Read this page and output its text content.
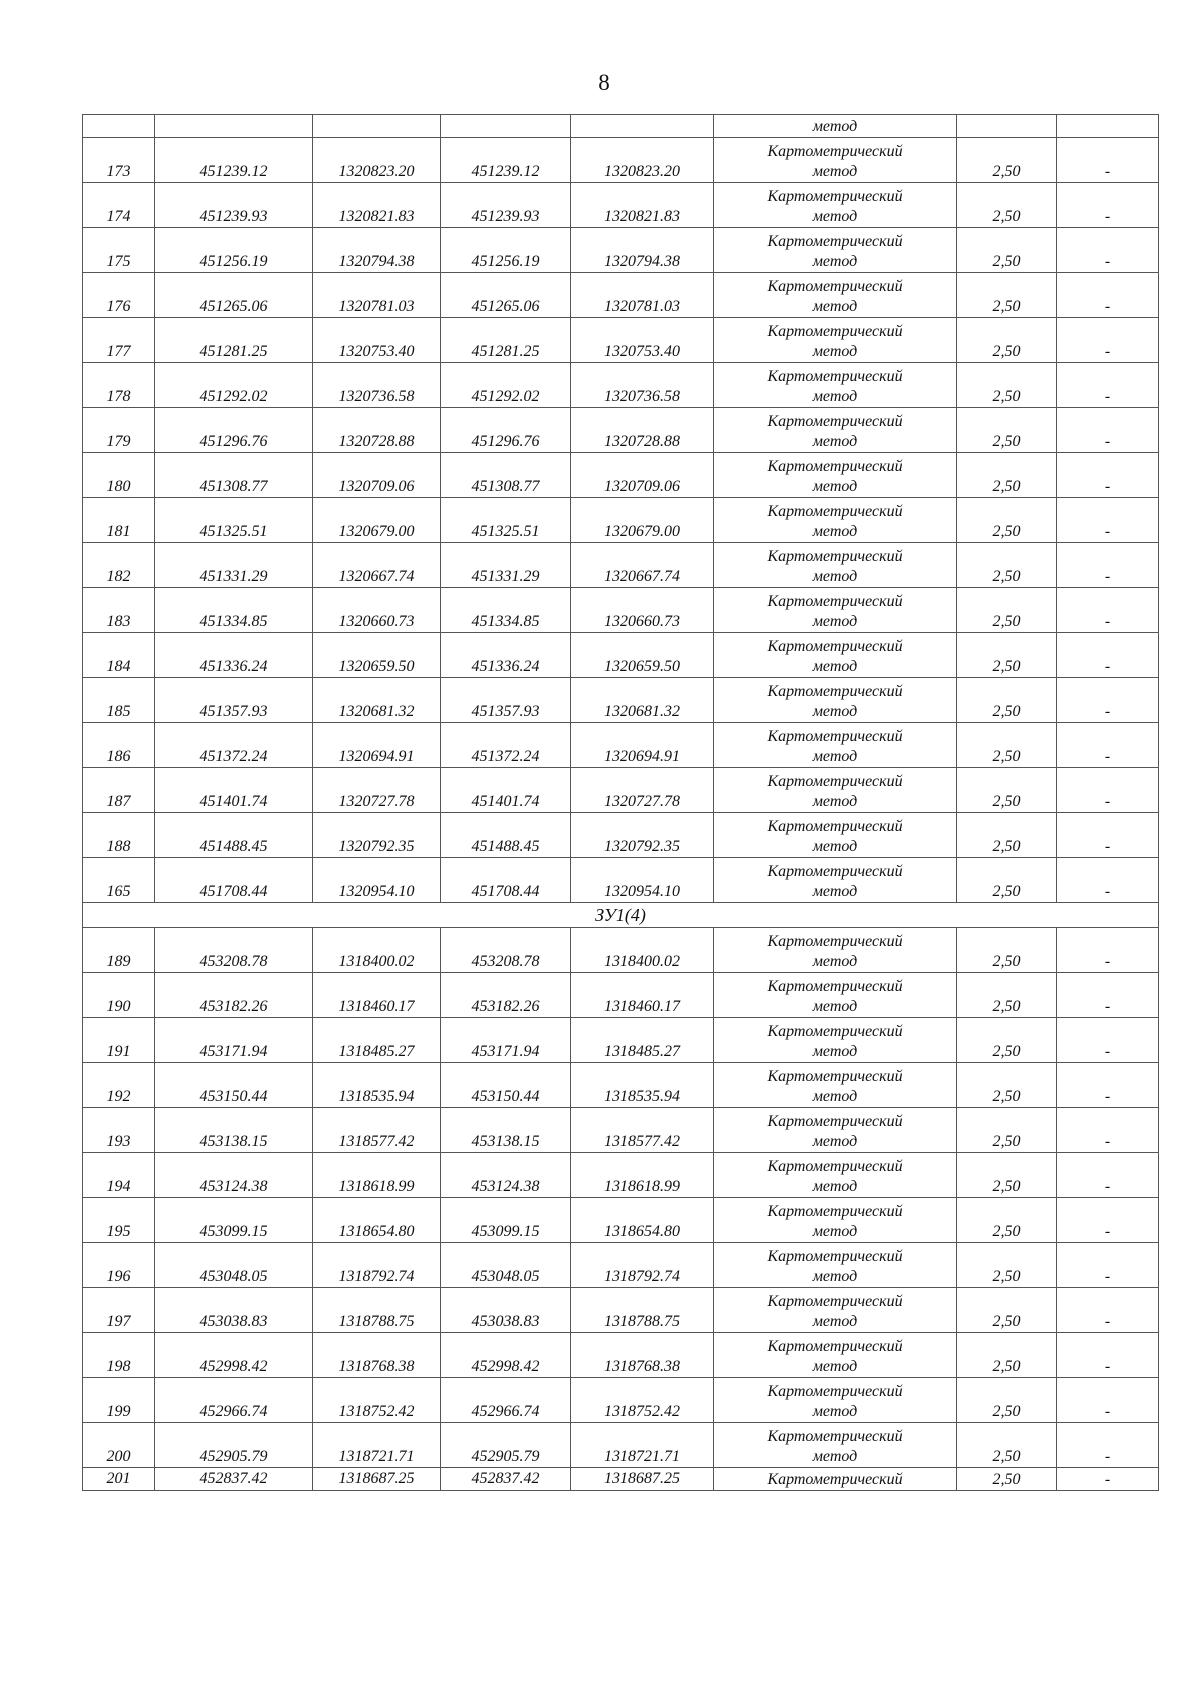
8
					метод		
173	451239.12	1320823.20	451239.12	1320823.20	Картометрический
метод	2,50	-
174	451239.93	1320821.83	451239.93	1320821.83	Картометрический
метод	2,50	-
175	451256.19	1320794.38	451256.19	1320794.38	Картометрический
метод	2,50	-
176	451265.06	1320781.03	451265.06	1320781.03	Картометрический
метод	2,50	-
177	451281.25	1320753.40	451281.25	1320753.40	Картометрический
метод	2,50	-
178	451292.02	1320736.58	451292.02	1320736.58	Картометрический
метод	2,50	-
179	451296.76	1320728.88	451296.76	1320728.88	Картометрический
метод	2,50	-
180	451308.77	1320709.06	451308.77	1320709.06	Картометрический
метод	2,50	-
181	451325.51	1320679.00	451325.51	1320679.00	Картометрический
метод	2,50	-
182	451331.29	1320667.74	451331.29	1320667.74	Картометрический
метод	2,50	-
183	451334.85	1320660.73	451334.85	1320660.73	Картометрический
метод	2,50	-
184	451336.24	1320659.50	451336.24	1320659.50	Картометрический
метод	2,50	-
185	451357.93	1320681.32	451357.93	1320681.32	Картометрический
метод	2,50	-
186	451372.24	1320694.91	451372.24	1320694.91	Картометрический
метод	2,50	-
187	451401.74	1320727.78	451401.74	1320727.78	Картометрический
метод	2,50	-
188	451488.45	1320792.35	451488.45	1320792.35	Картометрический
метод	2,50	-
165	451708.44	1320954.10	451708.44	1320954.10	Картометрический
метод	2,50	-
ЗУ1(4)							
189	453208.78	1318400.02	453208.78	1318400.02	Картометрический
метод	2,50	-
190	453182.26	1318460.17	453182.26	1318460.17	Картометрический
метод	2,50	-
191	453171.94	1318485.27	453171.94	1318485.27	Картометрический
метод	2,50	-
192	453150.44	1318535.94	453150.44	1318535.94	Картометрический
метод	2,50	-
193	453138.15	1318577.42	453138.15	1318577.42	Картометрический
метод	2,50	-
194	453124.38	1318618.99	453124.38	1318618.99	Картометрический
метод	2,50	-
195	453099.15	1318654.80	453099.15	1318654.80	Картометрический
метод	2,50	-
196	453048.05	1318792.74	453048.05	1318792.74	Картометрический
метод	2,50	-
197	453038.83	1318788.75	453038.83	1318788.75	Картометрический
метод	2,50	-
198	452998.42	1318768.38	452998.42	1318768.38	Картометрический
метод	2,50	-
199	452966.74	1318752.42	452966.74	1318752.42	Картометрический
метод	2,50	-
200	452905.79	1318721.71	452905.79	1318721.71	Картометрический
метод	2,50	-
201	452837.42	1318687.25	452837.42	1318687.25	Картометрический	2,50	-
